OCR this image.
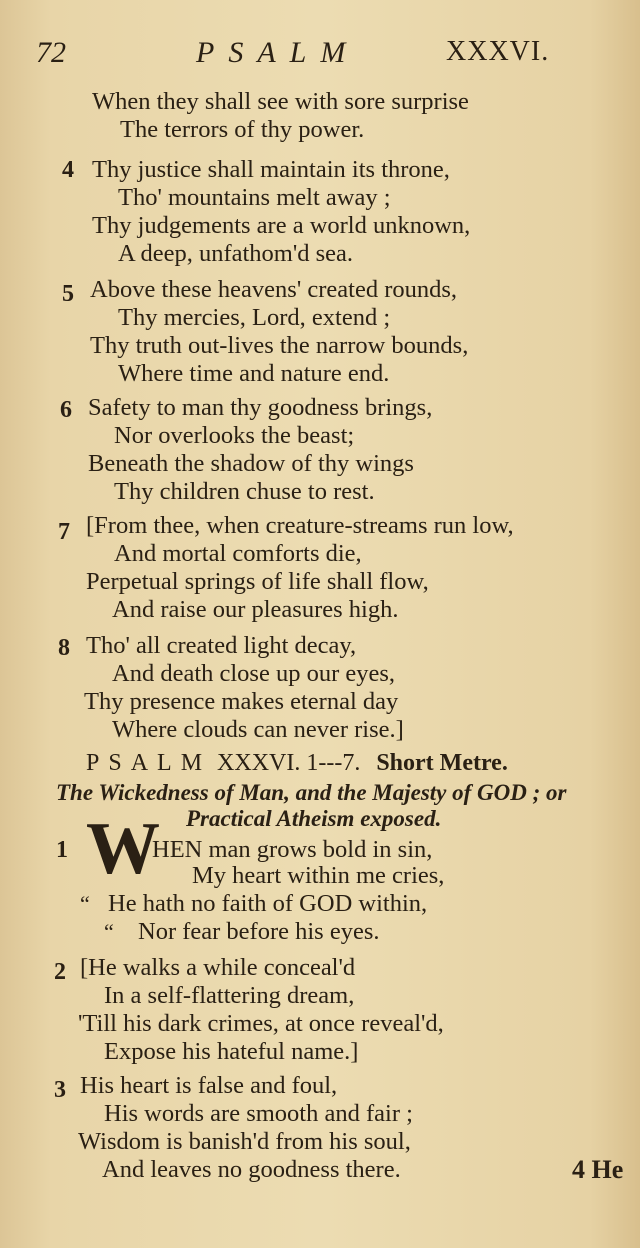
72	PSALM	XXXVI.
When they shall see with sore surprise
The terrors of thy power.
4 Thy justice shall maintain its throne,
Tho' mountains melt away ;
Thy judgements are a world unknown,
A deep, unfathom'd sea.
5 Above these heavens' created rounds,
Thy mercies, Lord, extend ;
Thy truth out-lives the narrow bounds,
Where time and nature end.
6 Safety to man thy goodness brings,
Nor overlooks the beast;
Beneath the shadow of thy wings
Thy children chuse to rest.
7 [From thee, when creature-streams run low,
And mortal comforts die,
Perpetual springs of life shall flow,
And raise our pleasures high.
8 Tho' all created light decay,
And death close up our eyes,
Thy presence makes eternal day
Where clouds can never rise.]
PSALM XXXVI. 1---7. Short Metre.
The Wickedness of Man, and the Majesty of GOD ; or
Practical Atheism exposed.
1 W
HEN man grows bold in sin,
My heart within me cries,
“ He hath no faith of GOD within,
“ Nor fear before his eyes.
2 [He walks a while conceal'd
In a self-flattering dream,
'Till his dark crimes, at once reveal'd,
Expose his hateful name.]
3 His heart is false and foul,
His words are smooth and fair ;
Wisdom is banish'd from his soul,
And leaves no goodness there.	4 He
